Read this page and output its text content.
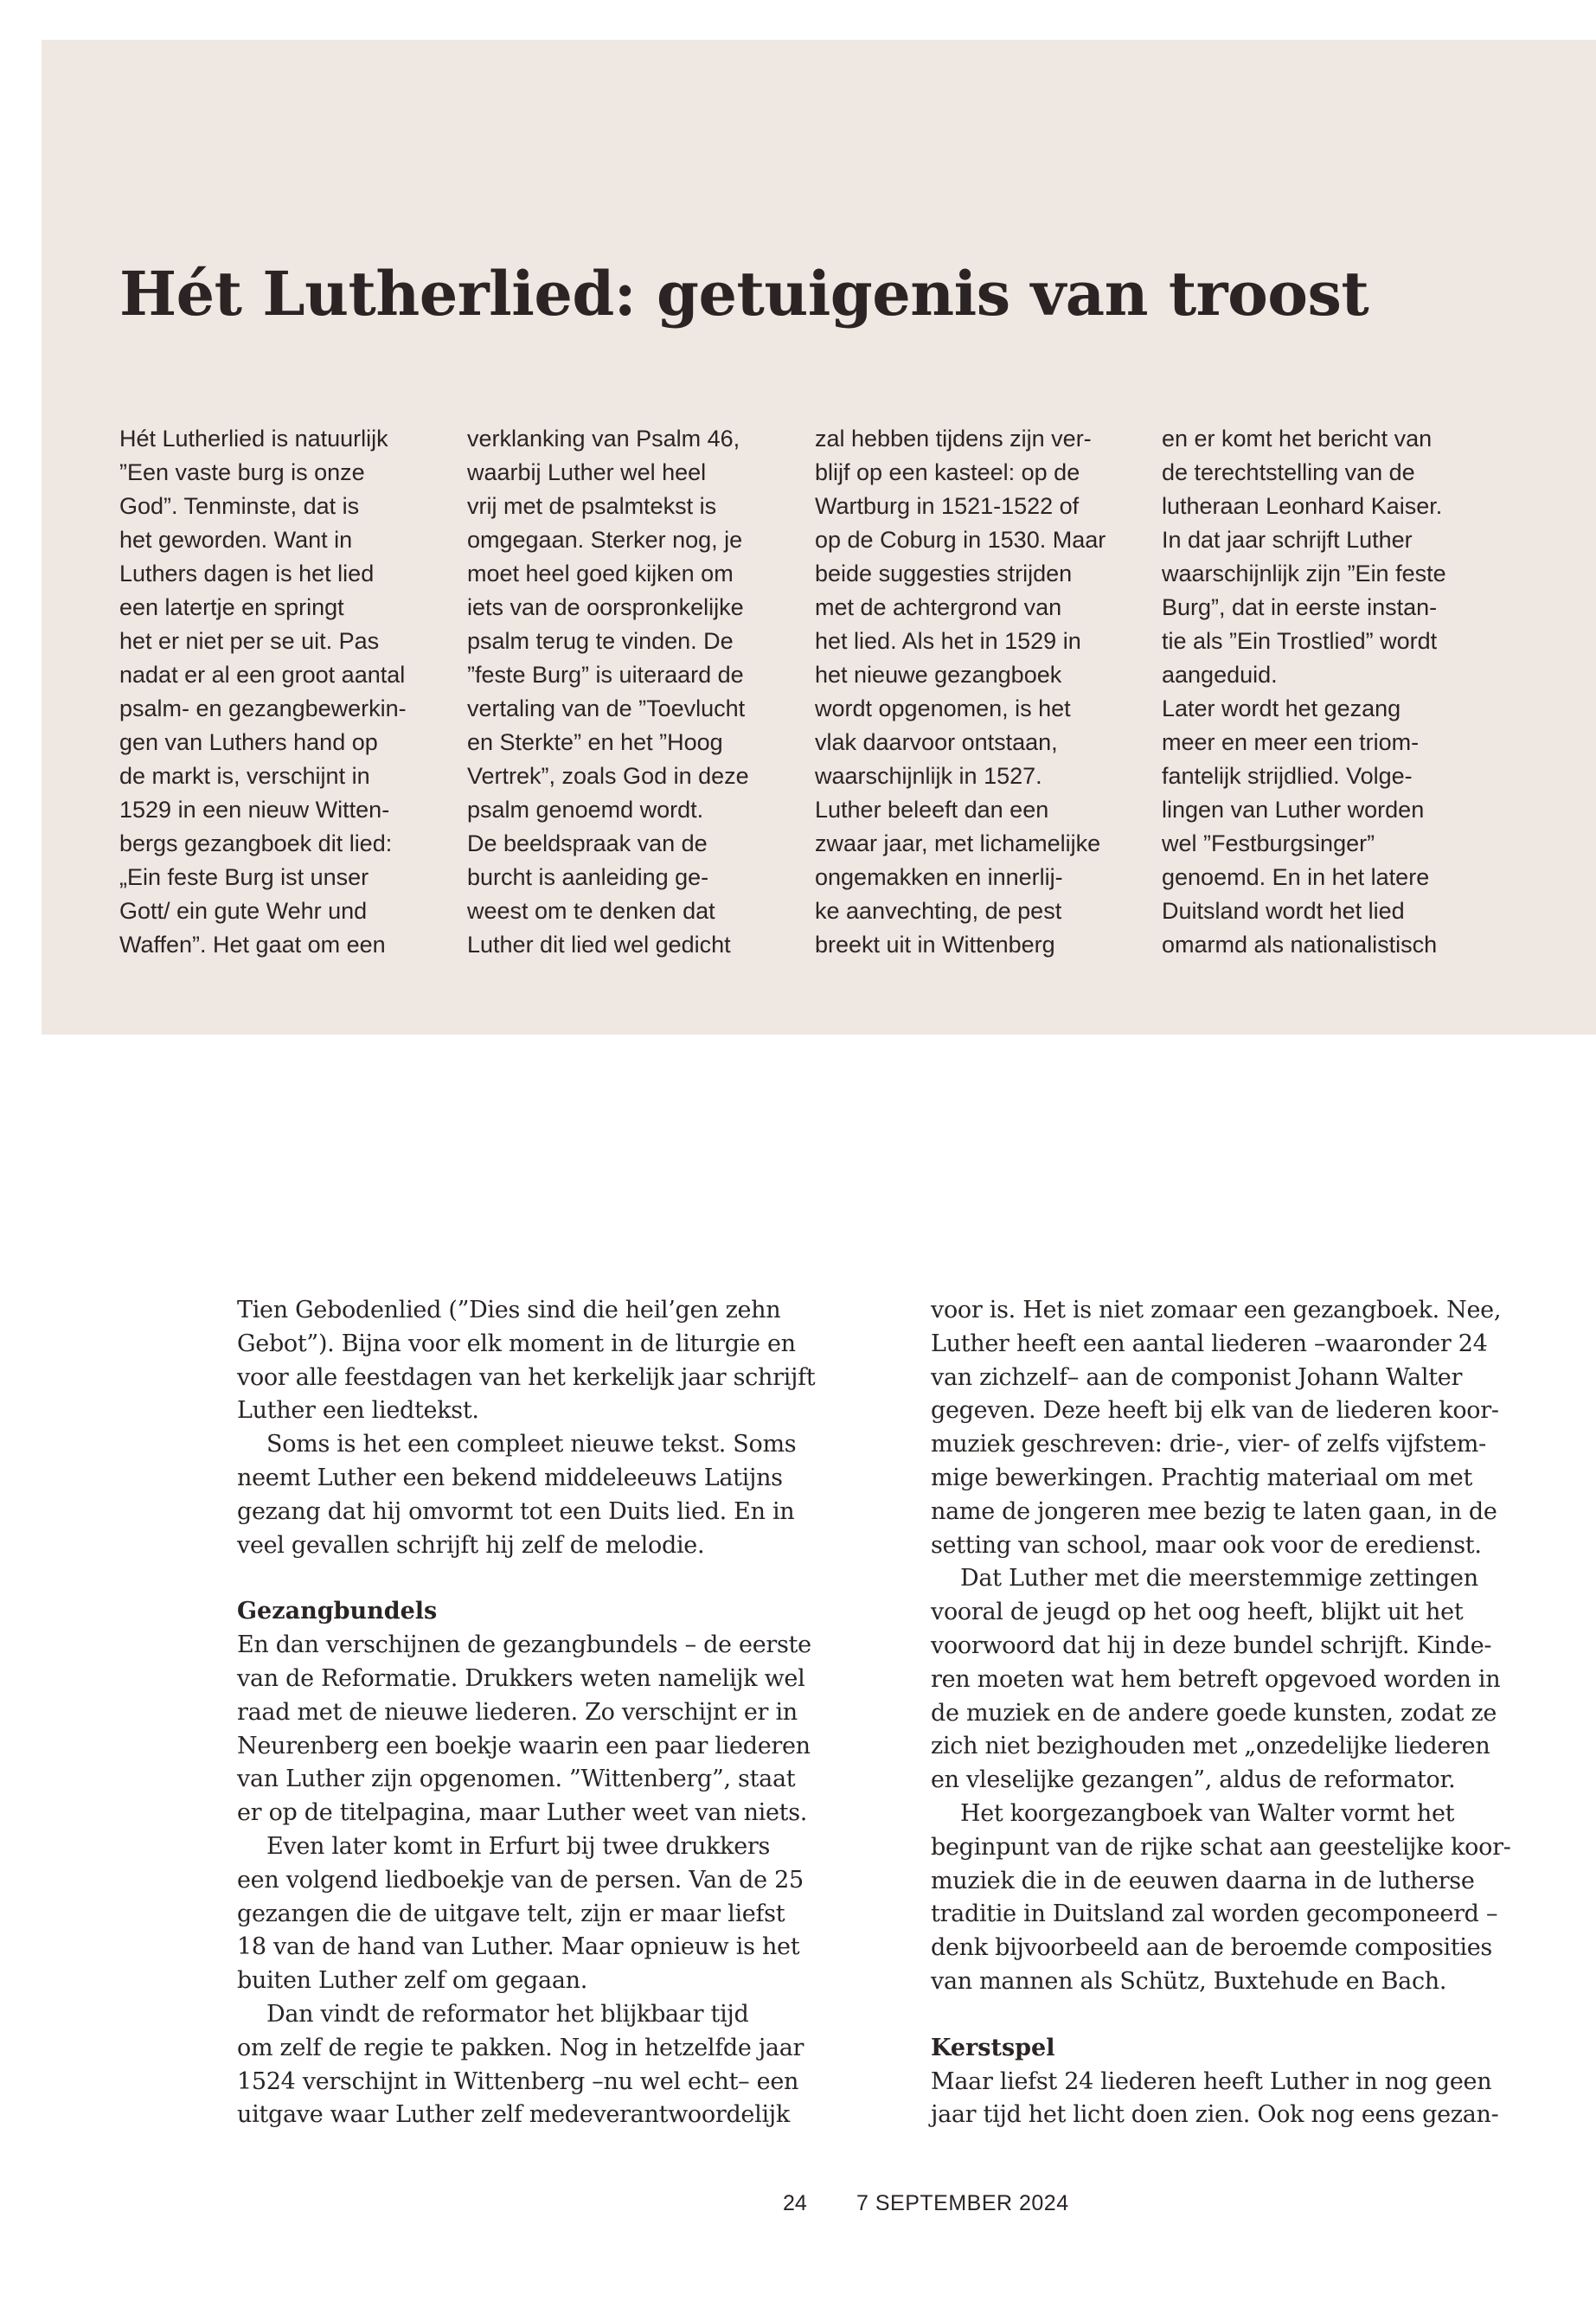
Hét Lutherlied: getuigenis van troost
Hét Lutherlied is natuurlijk
”Een vaste burg is onze
God”. Tenminste, dat is
het geworden. Want in
Luthers dagen is het lied
een latertje en springt
het er niet per se uit. Pas
nadat er al een groot aantal
psalm- en gezangbewerkin-
gen van Luthers hand op
de markt is, verschijnt in
1529 in een nieuw Witten-
bergs gezangboek dit lied:
„Ein feste Burg ist unser
Gott/ ein gute Wehr und
Waffen”. Het gaat om een
verklanking van Psalm 46,
waarbij Luther wel heel
vrij met de psalmtekst is
omgegaan. Sterker nog, je
moet heel goed kijken om
iets van de oorspronkelijke
psalm terug te vinden. De
”feste Burg” is uiteraard de
vertaling van de ”Toevlucht
en Sterkte” en het ”Hoog
Vertrek”, zoals God in deze
psalm genoemd wordt.
De beeldspraak van de
burcht is aanleiding ge-
weest om te denken dat
Luther dit lied wel gedicht
zal hebben tijdens zijn ver-
blijf op een kasteel: op de
Wartburg in 1521-1522 of
op de Coburg in 1530. Maar
beide suggesties strijden
met de achtergrond van
het lied. Als het in 1529 in
het nieuwe gezangboek
wordt opgenomen, is het
vlak daarvoor ontstaan,
waarschijnlijk in 1527.
Luther beleeft dan een
zwaar jaar, met lichamelijke
ongemakken en innerlij-
ke aanvechting, de pest
breekt uit in Wittenberg
en er komt het bericht van
de terechtstelling van de
lutheraan Leonhard Kaiser.
In dat jaar schrijft Luther
waarschijnlijk zijn ”Ein feste
Burg”, dat in eerste instan-
tie als ”Ein Trostlied” wordt
aangeduid.
Later wordt het gezang
meer en meer een triom-
fantelijk strijdlied. Volge-
lingen van Luther worden
wel ”Festburgsinger”
genoemd. En in het latere
Duitsland wordt het lied
omarmd als nationalistisch
Tien Gebodenlied (”Dies sind die heil’gen zehn
Gebot”). Bijna voor elk moment in de liturgie en
voor alle feestdagen van het kerkelijk jaar schrijft
Luther een liedtekst.
Soms is het een compleet nieuwe tekst. Soms
neemt Luther een bekend middeleeuws Latijns
gezang dat hij omvormt tot een Duits lied. En in
veel gevallen schrijft hij zelf de melodie.
Gezangbundels
En dan verschijnen de gezangbundels – de eerste
van de Reformatie. Drukkers weten namelijk wel
raad met de nieuwe liederen. Zo verschijnt er in
Neurenberg een boekje waarin een paar liederen
van Luther zijn opgenomen. ”Wittenberg”, staat
er op de titelpagina, maar Luther weet van niets.
Even later komt in Erfurt bij twee drukkers
een volgend liedboekje van de persen. Van de 25
gezangen die de uitgave telt, zijn er maar liefst
18 van de hand van Luther. Maar opnieuw is het
buiten Luther zelf om gegaan.
Dan vindt de reformator het blijkbaar tijd
om zelf de regie te pakken. Nog in hetzelfde jaar
1524 verschijnt in Wittenberg –nu wel echt– een
uitgave waar Luther zelf medeverantwoordelijk
voor is. Het is niet zomaar een gezangboek. Nee,
Luther heeft een aantal liederen –waaronder 24
van zichzelf– aan de componist Johann Walter
gegeven. Deze heeft bij elk van de liederen koor-
muziek geschreven: drie-, vier- of zelfs vijfstem-
mige bewerkingen. Prachtig materiaal om met
name de jongeren mee bezig te laten gaan, in de
setting van school, maar ook voor de eredienst.
Dat Luther met die meerstemmige zettingen
vooral de jeugd op het oog heeft, blijkt uit het
voorwoord dat hij in deze bundel schrijft. Kinde-
ren moeten wat hem betreft opgevoed worden in
de muziek en de andere goede kunsten, zodat ze
zich niet bezighouden met „onzedelijke liederen
en vleselijke gezangen”, aldus de reformator.
Het koorgezangboek van Walter vormt het
beginpunt van de rijke schat aan geestelijke koor-
muziek die in de eeuwen daarna in de lutherse
traditie in Duitsland zal worden gecomponeerd –
denk bijvoorbeeld aan de beroemde composities
van mannen als Schütz, Buxtehude en Bach.
Kerstspel
Maar liefst 24 liederen heeft Luther in nog geen
jaar tijd het licht doen zien. Ook nog eens gezan-
24 7 SEPTEMBER 2024
